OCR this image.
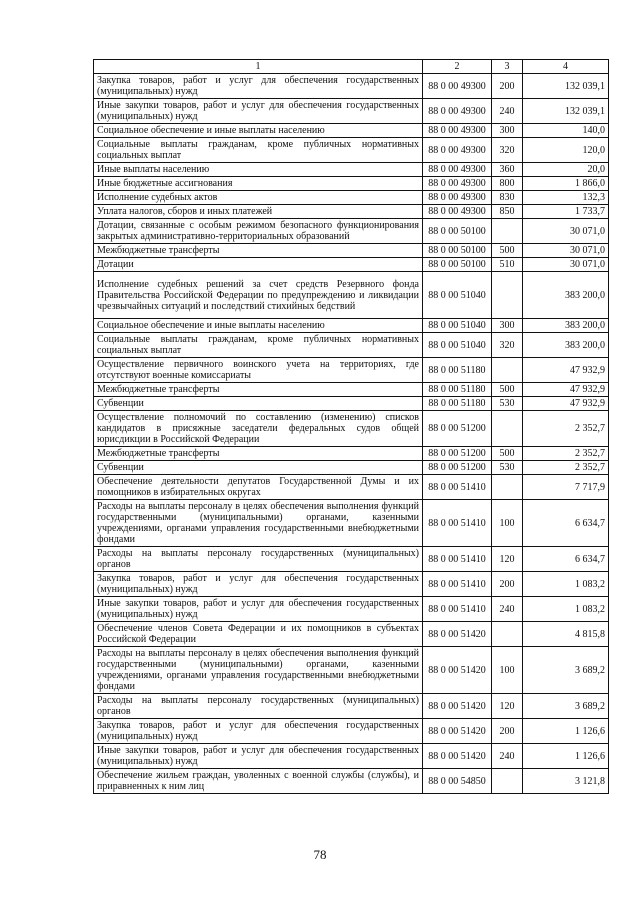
1	2	3	4
Закупка товаров, работ и услуг для обеспечения государственных (муниципальных) нужд	88 0 00 49300	200	132 039,1
Иные закупки товаров, работ и услуг для обеспечения государственных (муниципальных) нужд	88 0 00 49300	240	132 039,1
Социальное обеспечение и иные выплаты населению	88 0 00 49300	300	140,0
Социальные выплаты гражданам, кроме публичных нормативных социальных выплат	88 0 00 49300	320	120,0
Иные выплаты населению	88 0 00 49300	360	20,0
Иные бюджетные ассигнования	88 0 00 49300	800	1 866,0
Исполнение судебных актов	88 0 00 49300	830	132,3
Уплата налогов, сборов и иных платежей	88 0 00 49300	850	1 733,7
Дотации, связанные с особым режимом безопасного функционирования закрытых административно-территориальных образований	88 0 00 50100		30 071,0
Межбюджетные трансферты	88 0 00 50100	500	30 071,0
Дотации	88 0 00 50100	510	30 071,0
Исполнение судебных решений за счет средств Резервного фонда Правительства Российской Федерации по предупреждению и ликвидации чрезвычайных ситуаций и последствий стихийных бедствий	88 0 00 51040		383 200,0
Социальное обеспечение и иные выплаты населению	88 0 00 51040	300	383 200,0
Социальные выплаты гражданам, кроме публичных нормативных социальных выплат	88 0 00 51040	320	383 200,0
Осуществление первичного воинского учета на территориях, где отсутствуют военные комиссариаты	88 0 00 51180		47 932,9
Межбюджетные трансферты	88 0 00 51180	500	47 932,9
Субвенции	88 0 00 51180	530	47 932,9
Осуществление полномочий по составлению (изменению) списков кандидатов в присяжные заседатели федеральных судов общей юрисдикции в Российской Федерации	88 0 00 51200		2 352,7
Межбюджетные трансферты	88 0 00 51200	500	2 352,7
Субвенции	88 0 00 51200	530	2 352,7
Обеспечение деятельности депутатов Государственной Думы и их помощников в избирательных округах	88 0 00 51410		7 717,9
Расходы на выплаты персоналу в целях обеспечения выполнения функций государственными (муниципальными) органами, казенными учреждениями, органами управления государственными внебюджетными фондами	88 0 00 51410	100	6 634,7
Расходы на выплаты персоналу государственных (муниципальных) органов	88 0 00 51410	120	6 634,7
Закупка товаров, работ и услуг для обеспечения государственных (муниципальных) нужд	88 0 00 51410	200	1 083,2
Иные закупки товаров, работ и услуг для обеспечения государственных (муниципальных) нужд	88 0 00 51410	240	1 083,2
Обеспечение членов Совета Федерации и их помощников в субъектах Российской Федерации	88 0 00 51420		4 815,8
Расходы на выплаты персоналу в целях обеспечения выполнения функций государственными (муниципальными) органами, казенными учреждениями, органами управления государственными внебюджетными фондами	88 0 00 51420	100	3 689,2
Расходы на выплаты персоналу государственных (муниципальных) органов	88 0 00 51420	120	3 689,2
Закупка товаров, работ и услуг для обеспечения государственных (муниципальных) нужд	88 0 00 51420	200	1 126,6
Иные закупки товаров, работ и услуг для обеспечения государственных (муниципальных) нужд	88 0 00 51420	240	1 126,6
Обеспечение жильем граждан, уволенных с военной службы (службы), и приравненных к ним лиц	88 0 00 54850		3 121,8
78
